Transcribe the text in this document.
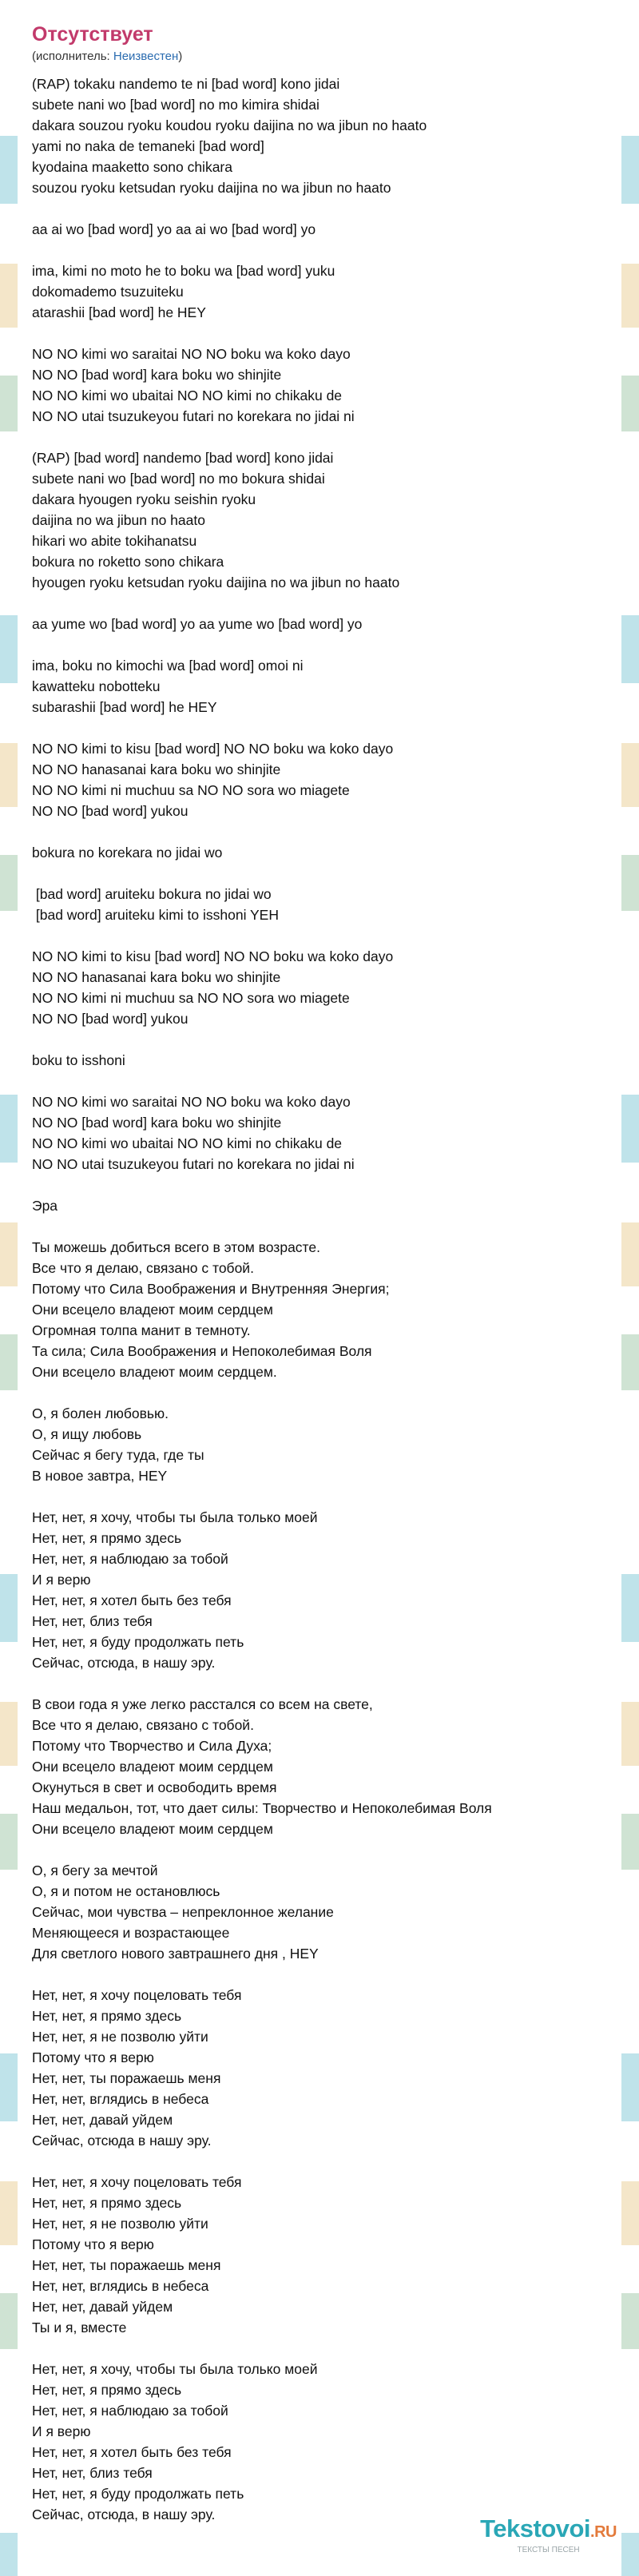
Отсутствует
(исполнитель: Неизвестен)
(RAP) tokaku nandemo te ni [bad word] kono jidai
subete nani wo [bad word] no mo kimira shidai
dakara souzou ryoku koudou ryoku daijina no wa jibun no haato
yami no naka de temaneki [bad word]
kyodaina maaketto sono chikara
souzou ryoku ketsudan ryoku daijina no wa jibun no haato
aa ai wo [bad word] yo aa ai wo [bad word] yo
ima, kimi no moto he to boku wa [bad word] yuku
dokomademo tsuzuiteku
atarashii [bad word] he HEY
NO NO kimi wo saraitai NO NO boku wa koko dayo
NO NO [bad word] kara boku wo shinjite
NO NO kimi wo ubaitai NO NO kimi no chikaku de
NO NO utai tsuzukeyou futari no korekara no jidai ni
(RAP) [bad word] nandemo [bad word] kono jidai
subete nani wo [bad word] no mo bokura shidai
dakara hyougen ryoku seishin ryoku
daijina no wa jibun no haato
hikari wo abite tokihanatsu
bokura no roketto sono chikara
hyougen ryoku ketsudan ryoku daijina no wa jibun no haato
aa yume wo [bad word] yo aa yume wo [bad word] yo
ima, boku no kimochi wa [bad word] omoi ni
kawatteku nobotteku
subarashii [bad word] he HEY
NO NO kimi to kisu [bad word] NO NO boku wa koko dayo
NO NO hanasanai kara boku wo shinjite
NO NO kimi ni muchuu sa NO NO sora wo miagete
NO NO [bad word] yukou
bokura no korekara no jidai wo
[bad word] aruiteku bokura no jidai wo
[bad word] aruiteku kimi to isshoni YEH
NO NO kimi to kisu [bad word] NO NO boku wa koko dayo
NO NO hanasanai kara boku wo shinjite
NO NO kimi ni muchuu sa NO NO sora wo miagete
NO NO [bad word] yukou
boku to isshoni
NO NO kimi wo saraitai NO NO boku wa koko dayo
NO NO [bad word] kara boku wo shinjite
NO NO kimi wo ubaitai NO NO kimi no chikaku de
NO NO utai tsuzukeyou futari no korekara no jidai ni
Эра
Ты можешь добиться всего в этом возрасте.
Все что я делаю, связано с тобой.
Потому что Сила Воображения и Внутренняя Энергия;
Они всецело владеют моим сердцем
Огромная толпа манит в темноту.
Та сила; Сила Воображения и Непоколебимая Воля
Они всецело владеют моим сердцем.
О, я болен любовью.
О, я ищу любовь
Сейчас я бегу туда, где ты
В новое завтра, HEY
Нет, нет, я хочу, чтобы ты была только моей
Нет, нет, я прямо здесь
Нет, нет, я наблюдаю за тобой
И я верю
Нет, нет, я хотел быть без тебя
Нет, нет, близ тебя
Нет, нет, я буду продолжать петь
Сейчас, отсюда, в нашу эру.
В свои года я уже легко расстался со всем на свете,
Все что я делаю, связано с тобой.
Потому что Творчество и Сила Духа;
Они всецело владеют моим сердцем
Окунуться в свет и освободить время
Наш медальон, тот, что дает силы: Творчество и Непоколебимая Воля
Они всецело владеют моим сердцем
О, я бегу за мечтой
О, я и потом не остановлюсь
Сейчас, мои чувства – непреклонное желание
Меняющееся и возрастающее
Для светлого нового завтрашнего дня , HEY
Нет, нет, я хочу поцеловать тебя
Нет, нет, я прямо здесь
Нет, нет, я не позволю уйти
Потому что я верю
Нет, нет, ты поражаешь меня
Нет, нет, вглядись в небеса
Нет, нет, давай уйдем
Сейчас, отсюда в нашу эру.
Нет, нет, я хочу поцеловать тебя
Нет, нет, я прямо здесь
Нет, нет, я не позволю уйти
Потому что я верю
Нет, нет, ты поражаешь меня
Нет, нет, вглядись в небеса
Нет, нет, давай уйдем
Ты и я, вместе
Нет, нет, я хочу, чтобы ты была только моей
Нет, нет, я прямо здесь
Нет, нет, я наблюдаю за тобой
И я верю
Нет, нет, я хотел быть без тебя
Нет, нет, близ тебя
Нет, нет, я буду продолжать петь
Сейчас, отсюда, в нашу эру.	Tekstovoi.RU
ТЕКСТЫ ПЕСЕН
